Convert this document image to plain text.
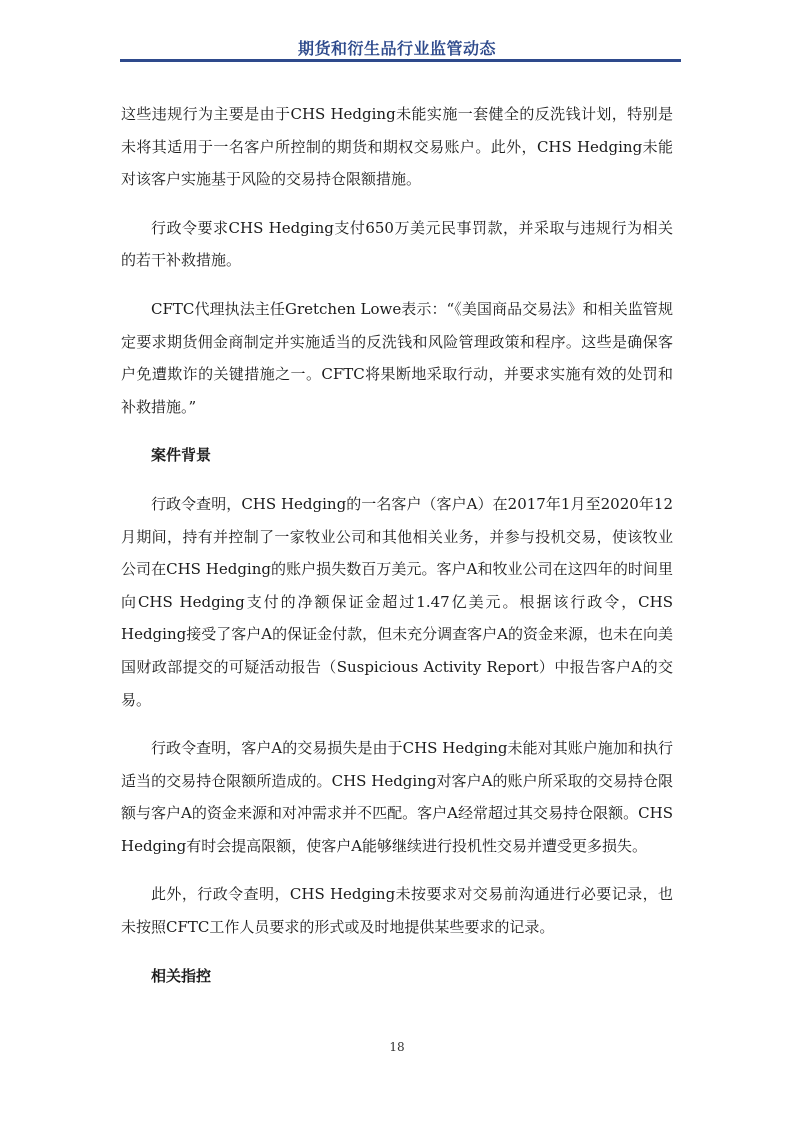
期货和衍生品行业监管动态

这些违规行为主要是由于CHS Hedging未能实施一套健全的反洗钱计划，特别是未将其适用于一名客户所控制的期货和期权交易账户。此外，CHS Hedging未能对该客户实施基于风险的交易持仓限额措施。

行政令要求CHS Hedging支付650万美元民事罚款，并采取与违规行为相关的若干补救措施。

CFTC代理执法主任Gretchen Lowe表示：“《美国商品交易法》和相关监管规定要求期货佣金商制定并实施适当的反洗钱和风险管理政策和程序。这些是确保客户免遭欺诈的关键措施之一。CFTC将果断地采取行动，并要求实施有效的处罚和补救措施。”

案件背景

行政令查明，CHS Hedging的一名客户（客户A）在2017年1月至2020年12月期间，持有并控制了一家牧业公司和其他相关业务，并参与投机交易，使该牧业公司在CHS Hedging的账户损失数百万美元。客户A和牧业公司在这四年的时间里向CHS Hedging支付的净额保证金超过1.47亿美元。根据该行政令，CHS Hedging接受了客户A的保证金付款，但未充分调查客户A的资金来源，也未在向美国财政部提交的可疑活动报告（Suspicious Activity Report）中报告客户A的交易。

行政令查明，客户A的交易损失是由于CHS Hedging未能对其账户施加和执行适当的交易持仓限额所造成的。CHS Hedging对客户A的账户所采取的交易持仓限额与客户A的资金来源和对冲需求并不匹配。客户A经常超过其交易持仓限额。CHS Hedging有时会提高限额，使客户A能够继续进行投机性交易并遭受更多损失。

此外，行政令查明，CHS Hedging未按要求对交易前沟通进行必要记录，也未按照CFTC工作人员要求的形式或及时地提供某些要求的记录。

相关指控
18
